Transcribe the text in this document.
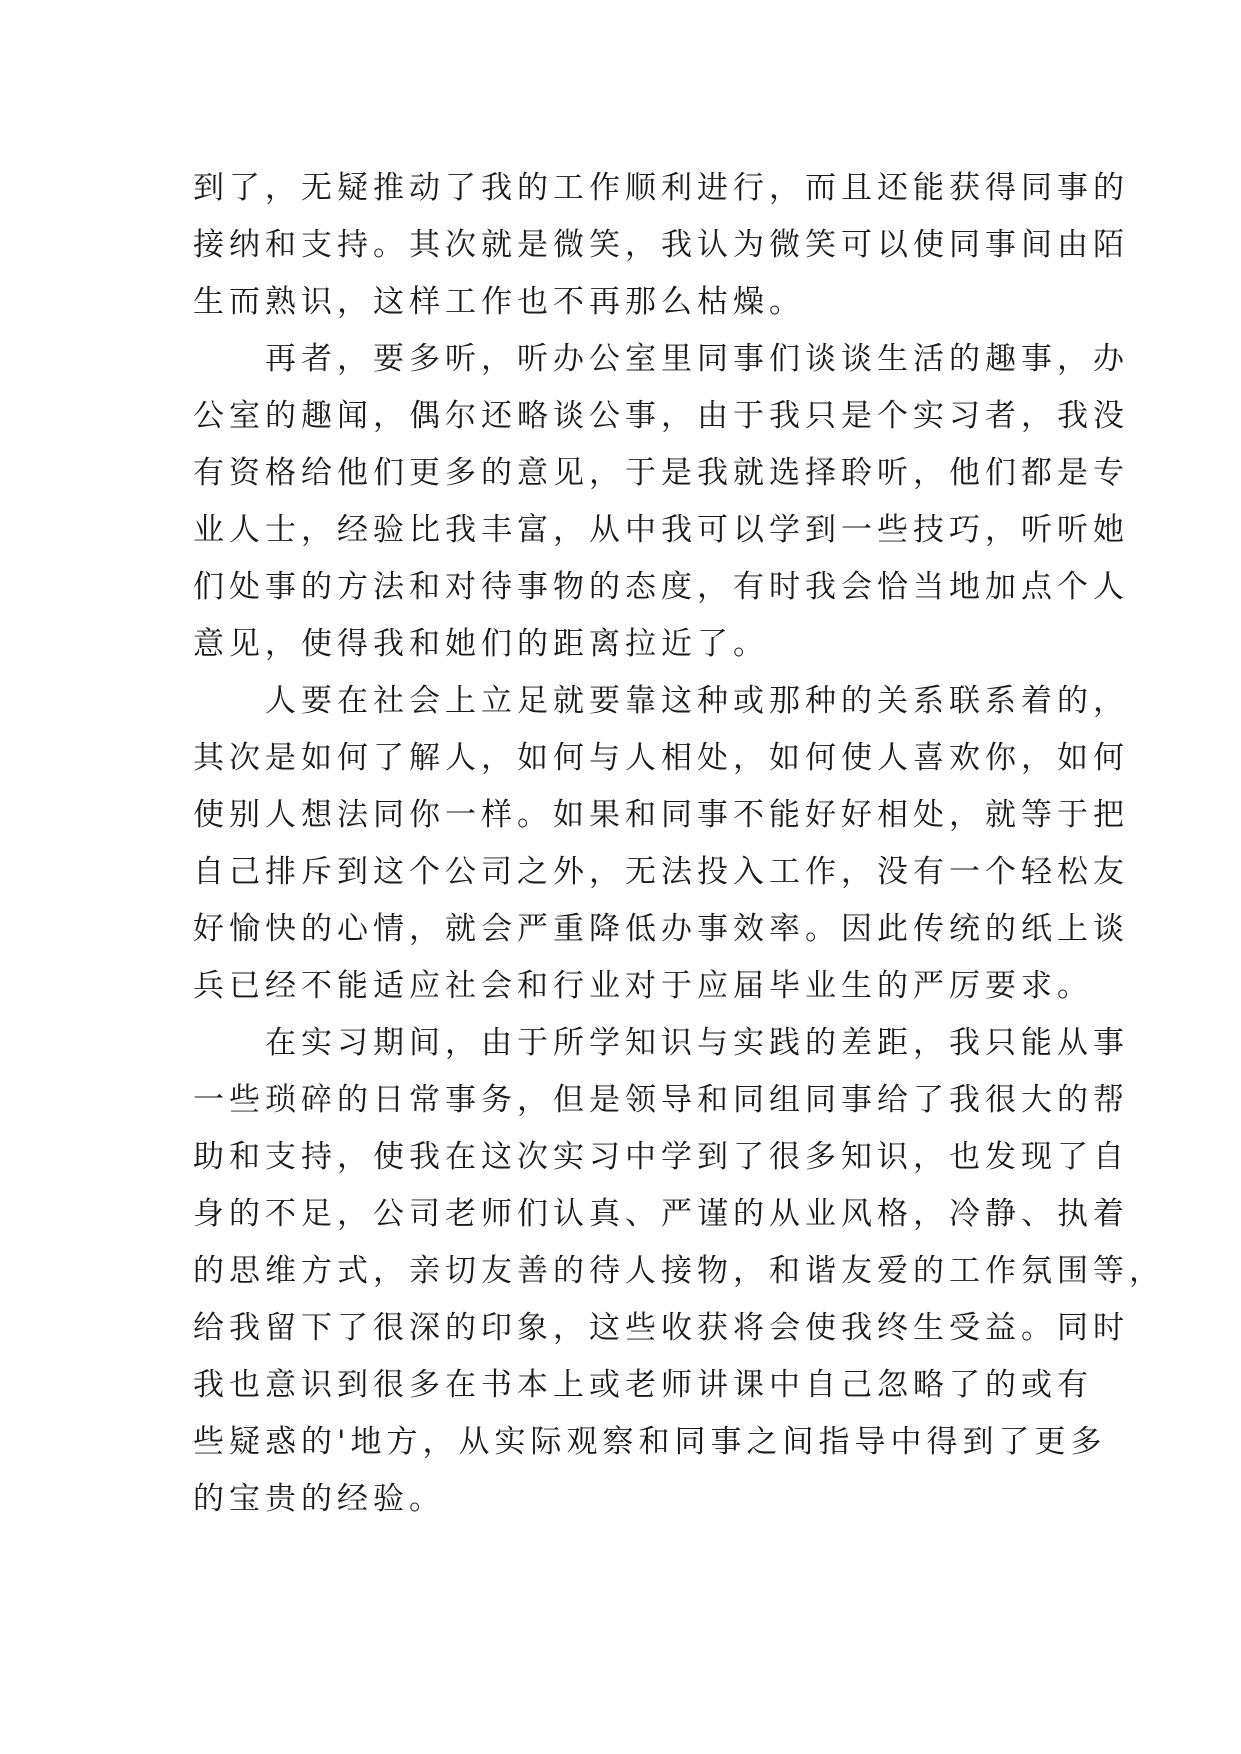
到了，无疑推动了我的工作顺利进行，而且还能获得同事的
接纳和支持。其次就是微笑，我认为微笑可以使同事间由陌
生而熟识，这样工作也不再那么枯燥。
　　再者，要多听，听办公室里同事们谈谈生活的趣事，办
公室的趣闻，偶尔还略谈公事，由于我只是个实习者，我没
有资格给他们更多的意见，于是我就选择聆听，他们都是专
业人士，经验比我丰富，从中我可以学到一些技巧，听听她
们处事的方法和对待事物的态度，有时我会恰当地加点个人
意见，使得我和她们的距离拉近了。
　　人要在社会上立足就要靠这种或那种的关系联系着的，
其次是如何了解人，如何与人相处，如何使人喜欢你，如何
使别人想法同你一样。如果和同事不能好好相处，就等于把
自己排斥到这个公司之外，无法投入工作，没有一个轻松友
好愉快的心情，就会严重降低办事效率。因此传统的纸上谈
兵已经不能适应社会和行业对于应届毕业生的严厉要求。
　　在实习期间，由于所学知识与实践的差距，我只能从事
一些琐碎的日常事务，但是领导和同组同事给了我很大的帮
助和支持，使我在这次实习中学到了很多知识，也发现了自
身的不足，公司老师们认真、严谨的从业风格，冷静、执着
的思维方式，亲切友善的待人接物，和谐友爱的工作氛围等，
给我留下了很深的印象，这些收获将会使我终生受益。同时
我也意识到很多在书本上或老师讲课中自己忽略了的或有
些疑惑的'地方，从实际观察和同事之间指导中得到了更多
的宝贵的经验。
